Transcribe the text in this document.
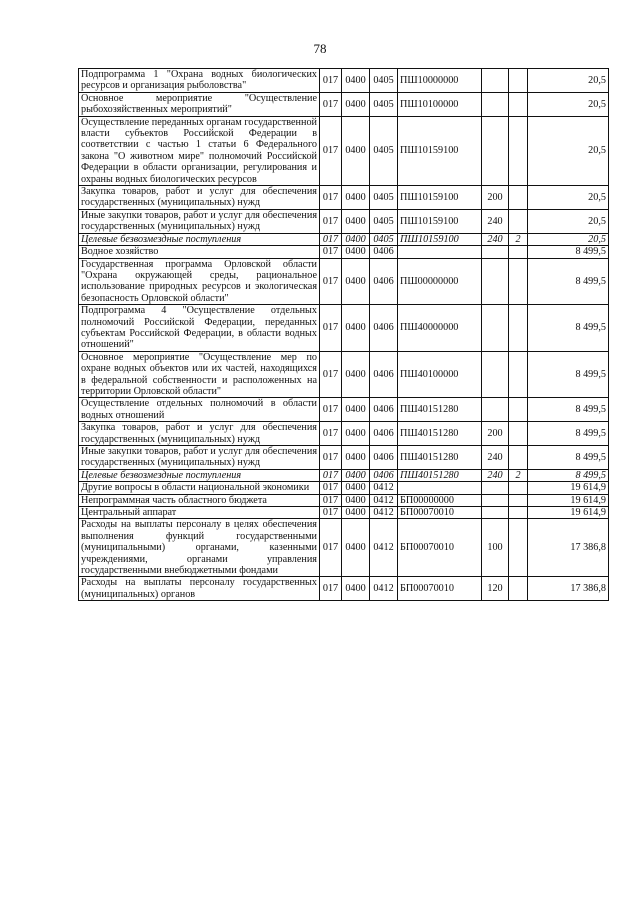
78
Подпрограмма 1 "Охрана водных биологических ресурсов и организация рыболовства"	017	0400	0405	ПШ10000000			20,5
Основное мероприятие "Осуществление рыбохозяйственных мероприятий"	017	0400	0405	ПШ10100000			20,5
Осуществление переданных органам государственной власти субъектов Российской Федерации в соответствии с частью 1 статьи 6 Федерального закона "О животном мире" полномочий Российской Федерации в области организации, регулирования и охраны водных биологических ресурсов	017	0400	0405	ПШ10159100			20,5
Закупка товаров, работ и услуг для обеспечения государственных (муниципальных) нужд	017	0400	0405	ПШ10159100	200		20,5
Иные закупки товаров, работ и услуг для обеспечения государственных (муниципальных) нужд	017	0400	0405	ПШ10159100	240		20,5
Целевые безвозмездные поступления	017	0400	0405	ПШ10159100	240	2	20,5
Водное хозяйство	017	0400	0406				8 499,5
Государственная программа Орловской области "Охрана окружающей среды, рациональное использование природных ресурсов и экологическая безопасность Орловской области"	017	0400	0406	ПШ00000000			8 499,5
Подпрограмма 4 "Осуществление отдельных полномочий Российской Федерации, переданных субъектам Российской Федерации, в области водных отношений"	017	0400	0406	ПШ40000000			8 499,5
Основное мероприятие "Осуществление мер по охране водных объектов или их частей, находящихся в федеральной собственности и расположенных на территории Орловской области"	017	0400	0406	ПШ40100000			8 499,5
Осуществление отдельных полномочий в области водных отношений	017	0400	0406	ПШ40151280			8 499,5
Закупка товаров, работ и услуг для обеспечения государственных (муниципальных) нужд	017	0400	0406	ПШ40151280	200		8 499,5
Иные закупки товаров, работ и услуг для обеспечения государственных (муниципальных) нужд	017	0400	0406	ПШ40151280	240		8 499,5
Целевые безвозмездные поступления	017	0400	0406	ПШ40151280	240	2	8 499,5
Другие вопросы в области национальной экономики	017	0400	0412				19 614,9
Непрограммная часть областного бюджета	017	0400	0412	БП00000000			19 614,9
Центральный аппарат	017	0400	0412	БП00070010			19 614,9
Расходы на выплаты персоналу в целях обеспечения выполнения функций государственными (муниципальными) органами, казенными учреждениями, органами управления государственными внебюджетными фондами	017	0400	0412	БП00070010	100		17 386,8
Расходы на выплаты персоналу государственных (муниципальных) органов	017	0400	0412	БП00070010	120		17 386,8
